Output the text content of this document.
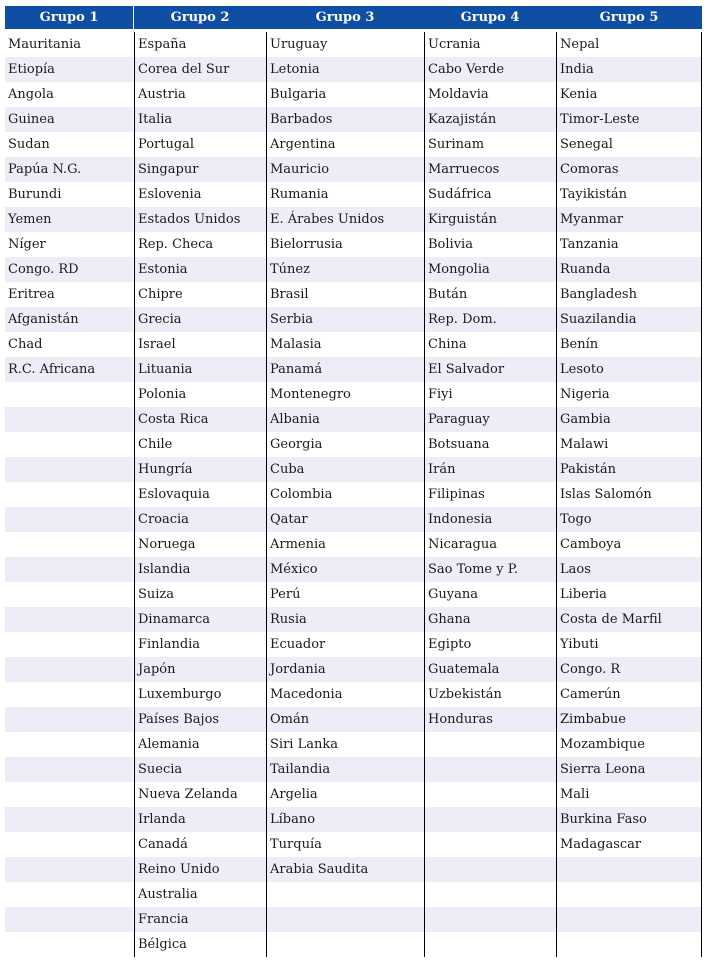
Grupo 1
Mauritania
Etiopía
Angola
Guinea
Sudan
Papúa N.G.
Burundi
Yemen
Níger
Congo. RD
Eritrea
Afganistán
Chad
R.C. Africana
Grupo 2
España
Corea del Sur
Austria
Italia
Portugal
Singapur
Eslovenia
Estados Unidos
Rep. Checa
Estonia
Chipre
Grecia
Israel
Lituania
Polonia
Costa Rica
Chile
Hungría
Eslovaquia
Croacia
Noruega
Islandia
Suiza
Dinamarca
Finlandia
Japón
Luxemburgo
Países Bajos
Alemania
Suecia
Nueva Zelanda
Irlanda
Canadá
Reino Unido
Australia
Francia
Bélgica
Grupo 3
Uruguay
Letonia
Bulgaria
Barbados
Argentina
Mauricio
Rumania
E. Árabes Unidos
Bielorrusia
Túnez
Brasil
Serbia
Malasia
Panamá
Montenegro
Albania
Georgia
Cuba
Colombia
Qatar
Armenia
México
Perú
Rusia
Ecuador
Jordania
Macedonia
Omán
Siri Lanka
Tailandia
Argelia
Líbano
Turquía
Arabia Saudita
Grupo 4
Ucrania
Cabo Verde
Moldavia
Kazajistán
Surinam
Marruecos
Sudáfrica
Kirguistán
Bolivia
Mongolia
Bután
Rep. Dom.
China
El Salvador
Fiyi
Paraguay
Botsuana
Irán
Filipinas
Indonesia
Nicaragua
Sao Tome y P.
Guyana
Ghana
Egipto
Guatemala
Uzbekistán
Honduras
Grupo 5
Nepal
India
Kenia
Timor-Leste
Senegal
Comoras
Tayikistán
Myanmar
Tanzania
Ruanda
Bangladesh
Suazilandia
Benín
Lesoto
Nigeria
Gambia
Malawi
Pakistán
Islas Salomón
Togo
Camboya
Laos
Liberia
Costa de Marfil
Yibuti
Congo. R
Camerún
Zimbabue
Mozambique
Sierra Leona
Mali
Burkina Faso
Madagascar
